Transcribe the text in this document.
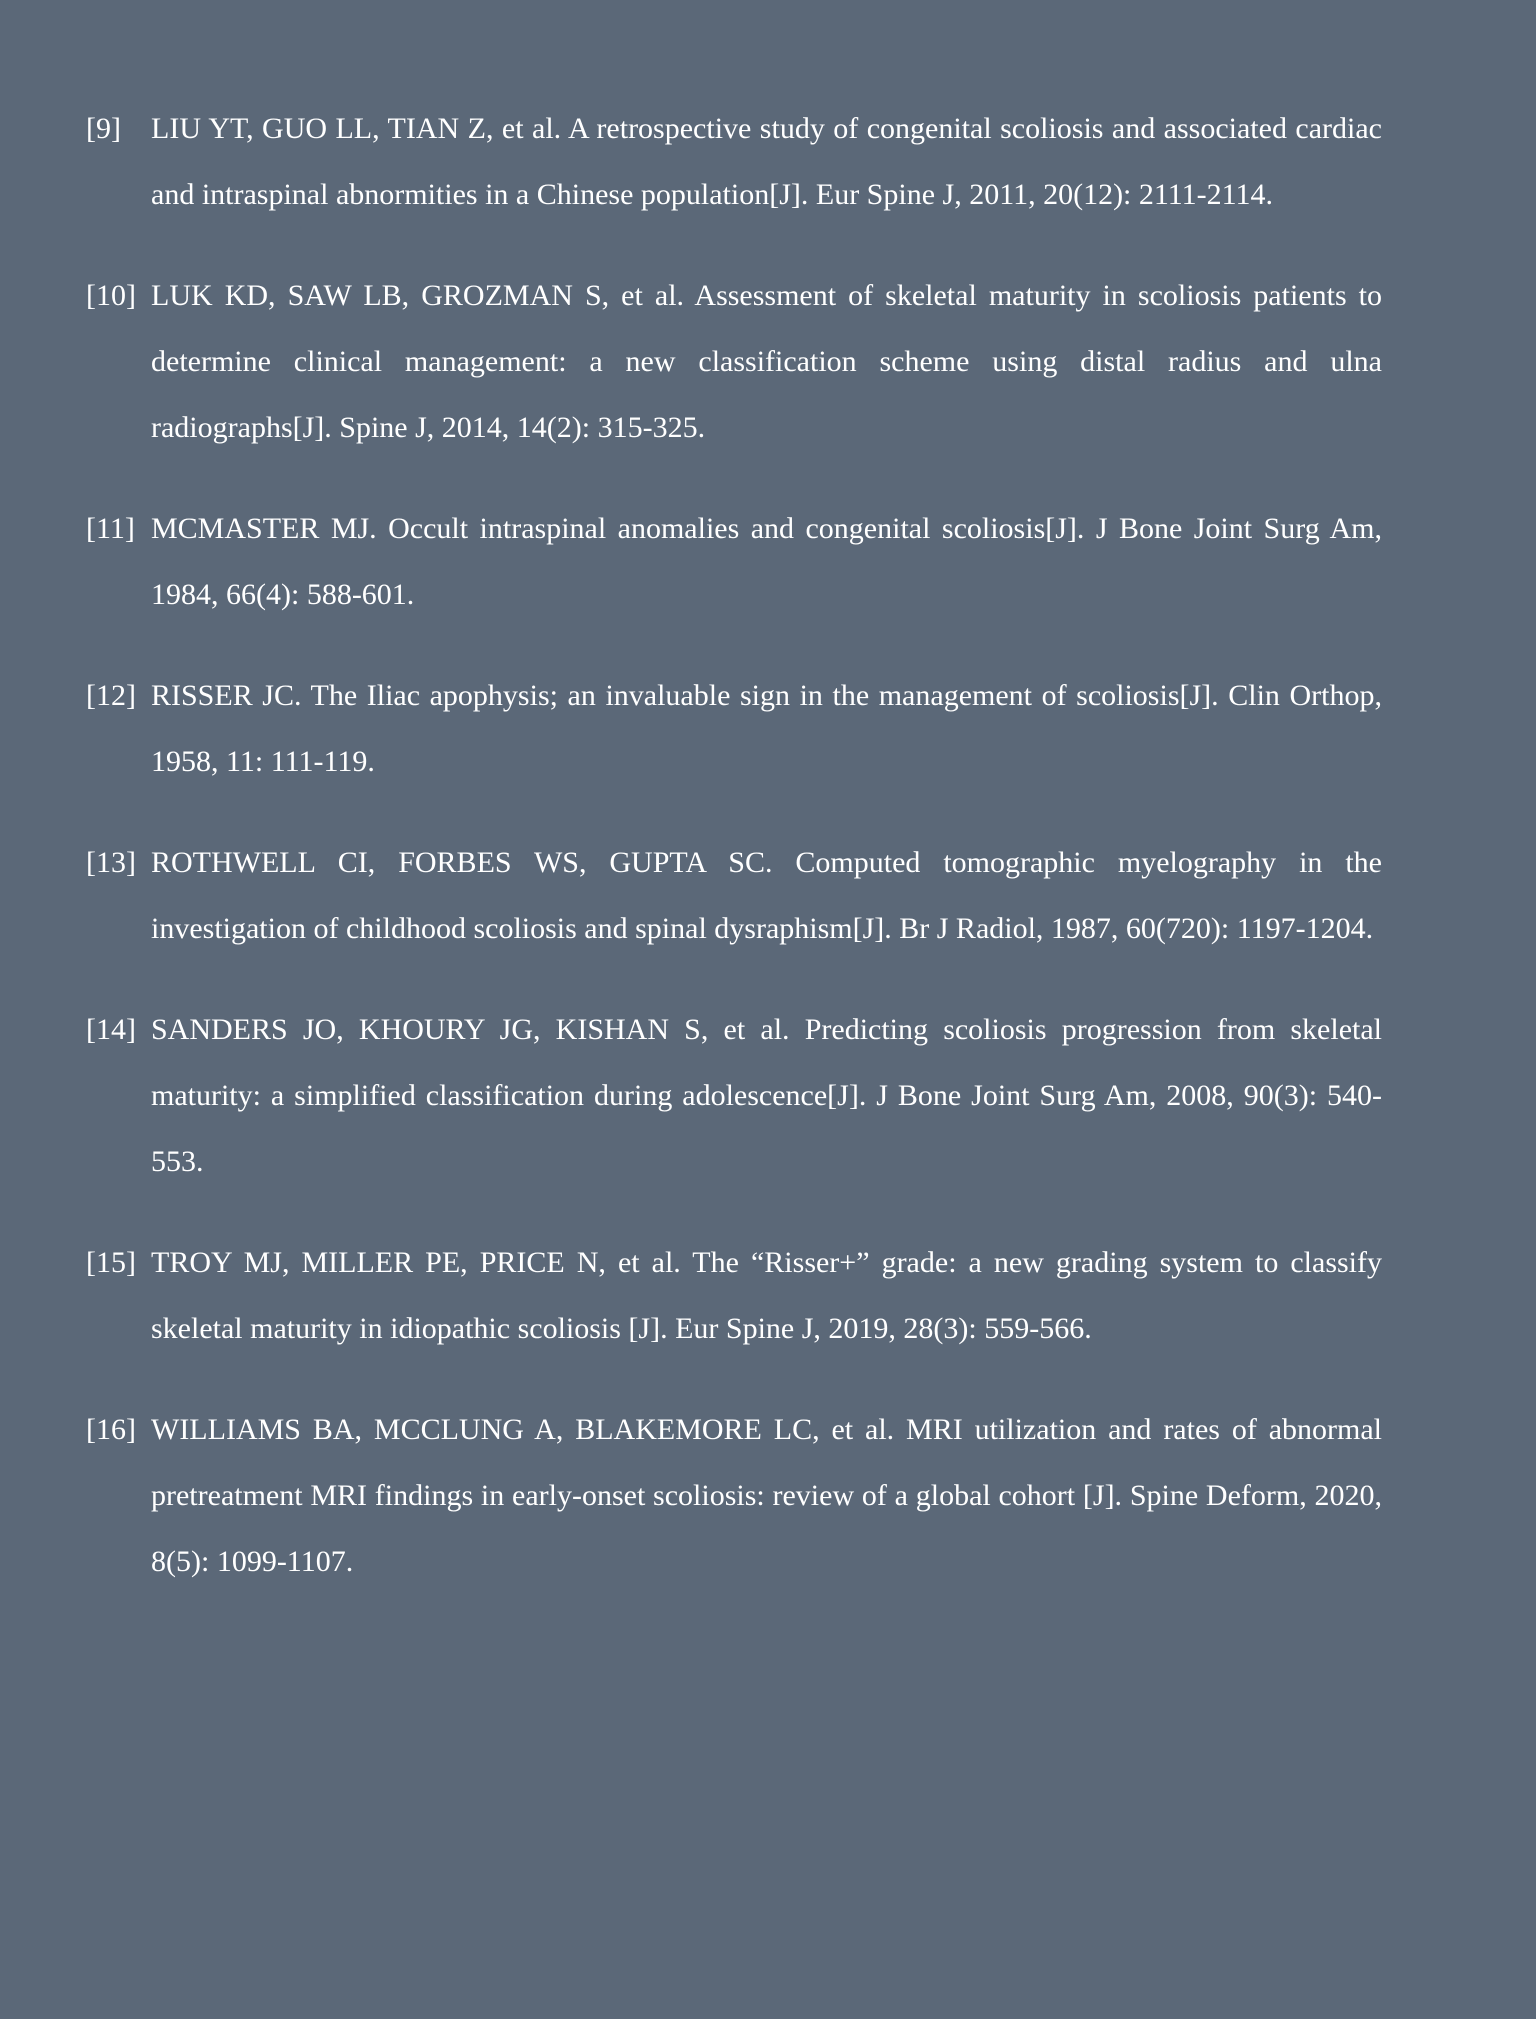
[9] LIU YT, GUO LL, TIAN Z, et al. A retrospective study of congenital scoliosis and associated cardiac and intraspinal abnormities in a Chinese population[J]. Eur Spine J, 2011, 20(12): 2111-2114.
[10] LUK KD, SAW LB, GROZMAN S, et al. Assessment of skeletal maturity in scoliosis patients to determine clinical management: a new classification scheme using distal radius and ulna radiographs[J]. Spine J, 2014, 14(2): 315-325.
[11] MCMASTER MJ. Occult intraspinal anomalies and congenital scoliosis[J]. J Bone Joint Surg Am, 1984, 66(4): 588-601.
[12] RISSER JC. The Iliac apophysis; an invaluable sign in the management of scoliosis[J]. Clin Orthop, 1958, 11: 111-119.
[13] ROTHWELL CI, FORBES WS, GUPTA SC. Computed tomographic myelography in the investigation of childhood scoliosis and spinal dysraphism[J]. Br J Radiol, 1987, 60(720): 1197-1204.
[14] SANDERS JO, KHOURY JG, KISHAN S, et al. Predicting scoliosis progression from skeletal maturity: a simplified classification during adolescence[J]. J Bone Joint Surg Am, 2008, 90(3): 540-553.
[15] TROY MJ, MILLER PE, PRICE N, et al. The “Risser+” grade: a new grading system to classify skeletal maturity in idiopathic scoliosis [J]. Eur Spine J, 2019, 28(3): 559-566.
[16] WILLIAMS BA, MCCLUNG A, BLAKEMORE LC, et al. MRI utilization and rates of abnormal pretreatment MRI findings in early-onset scoliosis: review of a global cohort [J]. Spine Deform, 2020, 8(5): 1099-1107.
